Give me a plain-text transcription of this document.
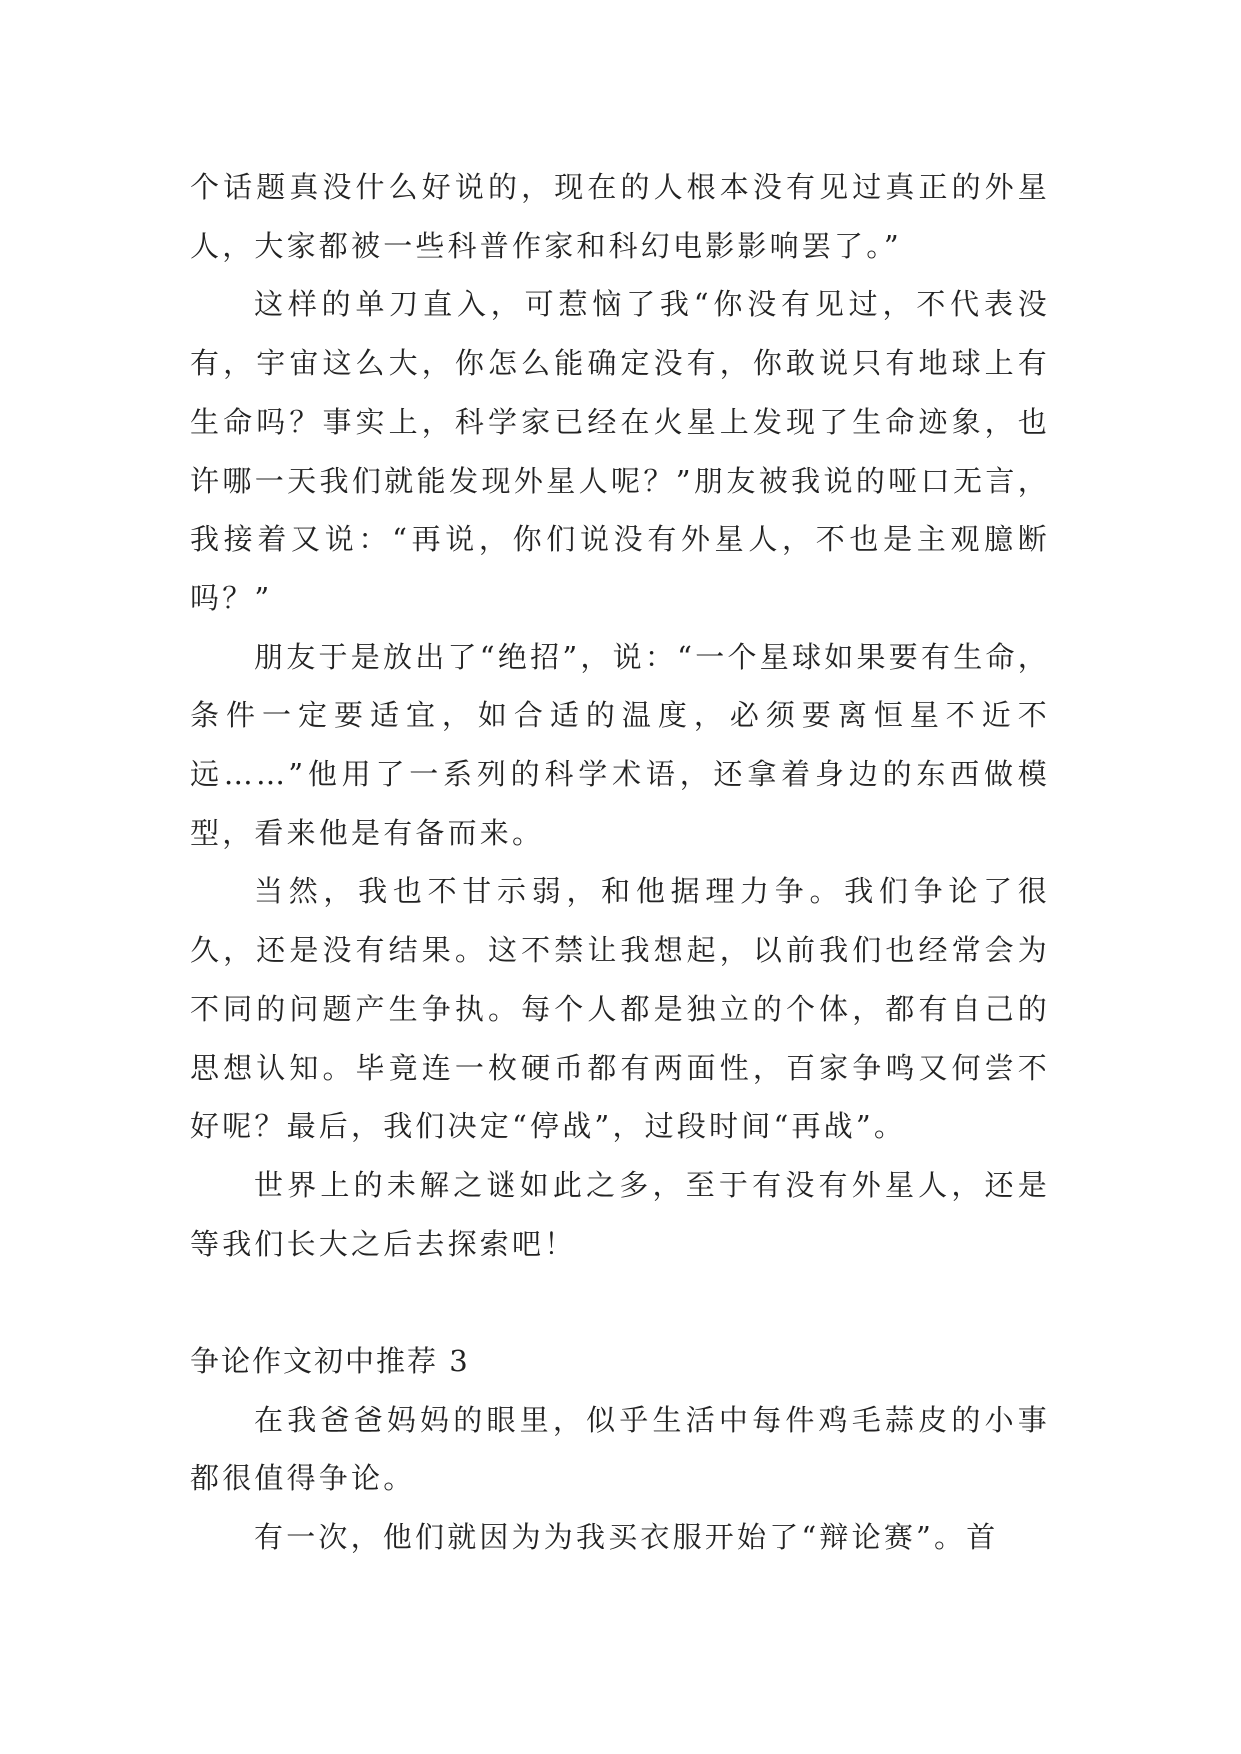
个话题真没什么好说的，现在的人根本没有见过真正的外星人，大家都被一些科普作家和科幻电影影响罢了。”

这样的单刀直入，可惹恼了我“你没有见过，不代表没有，宇宙这么大，你怎么能确定没有，你敢说只有地球上有生命吗？事实上，科学家已经在火星上发现了生命迹象，也许哪一天我们就能发现外星人呢？”朋友被我说的哑口无言，我接着又说：“再说，你们说没有外星人，不也是主观臆断吗？”

朋友于是放出了“绝招”，说：“一个星球如果要有生命，条件一定要适宜，如合适的温度，必须要离恒星不近不远……”他用了一系列的科学术语，还拿着身边的东西做模型，看来他是有备而来。

当然，我也不甘示弱，和他据理力争。我们争论了很久，还是没有结果。这不禁让我想起，以前我们也经常会为不同的问题产生争执。每个人都是独立的个体，都有自己的思想认知。毕竟连一枚硬币都有两面性，百家争鸣又何尝不好呢？最后，我们决定“停战”，过段时间“再战”。

世界上的未解之谜如此之多，至于有没有外星人，还是等我们长大之后去探索吧！

争论作文初中推荐 3

在我爸爸妈妈的眼里，似乎生活中每件鸡毛蒜皮的小事都很值得争论。

有一次，他们就因为为我买衣服开始了“辩论赛”。首
